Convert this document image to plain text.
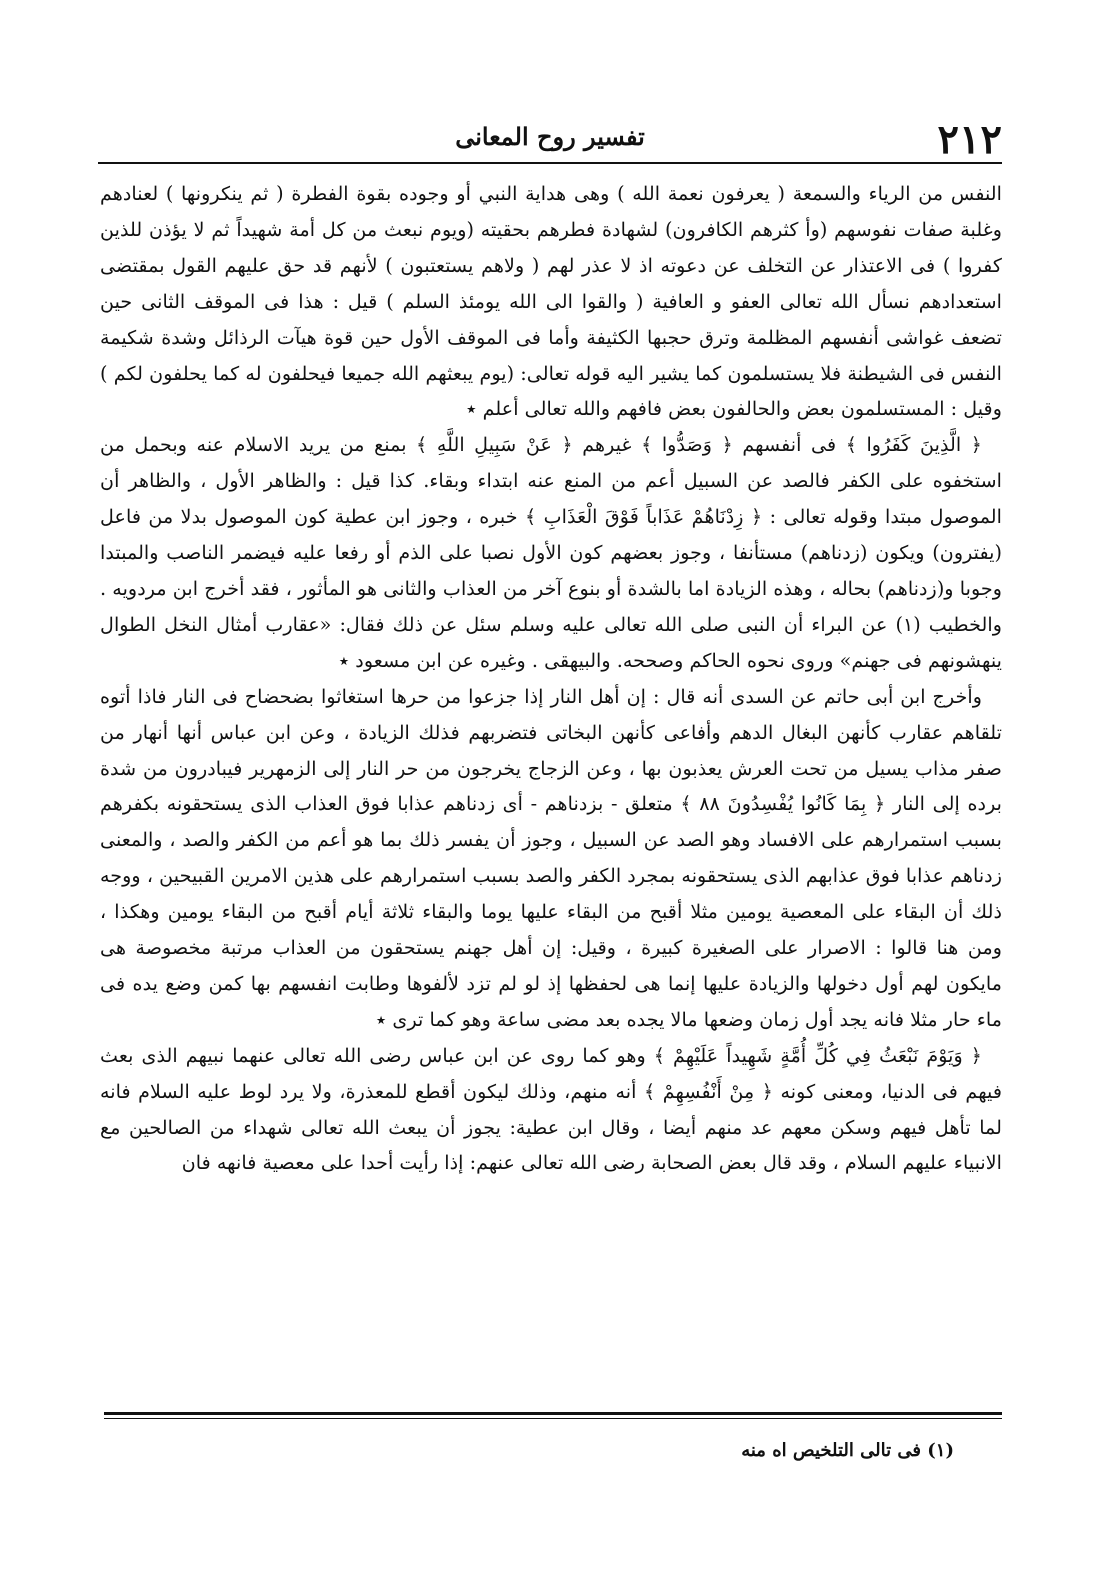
٢١٢
تفسير روح المعانى

النفس من الرياء والسمعة ( يعرفون نعمة الله ) وهى هداية النبي أو وجوده بقوة الفطرة ( ثم ينكرونها ) لعنادهم وغلبة صفات نفوسهم (وأ كثرهم الكافرون) لشهادة فطرهم بحقيته (ويوم نبعث من كل أمة شهيداً ثم لا يؤذن للذين كفروا ) فى الاعتذار عن التخلف عن دعوته اذ لا عذر لهم ( ولاهم يستعتبون ) لأنهم قد حق عليهم القول بمقتضى استعدادهم نسأل الله تعالى العفو و العافية ( والقوا الى الله يومئذ السلم ) قيل : هذا فى الموقف الثانى حين تضعف غواشى أنفسهم المظلمة وترق حجبها الكثيفة وأما فى الموقف الأول حين قوة هيآت الرذائل وشدة شكيمة النفس فى الشيطنة فلا يستسلمون كما يشير اليه قوله تعالى: (يوم يبعثهم الله جميعا فيحلفون له كما يحلفون لكم ) وقيل : المستسلمون بعض والحالفون بعض فافهم والله تعالى أعلم ٭

﴿ الَّذِينَ كَفَرُوا ﴾ فى أنفسهم ﴿ وَصَدُّوا ﴾ غيرهم ﴿ عَنْ سَبِيلِ اللَّهِ ﴾ بمنع من يريد الاسلام عنه وبحمل من استخفوه على الكفر فالصد عن السبيل أعم من المنع عنه ابتداء وبقاء. كذا قيل : والظاهر الأول ، والظاهر أن الموصول مبتدا وقوله تعالى : ﴿ زِدْنَاهُمْ عَذَاباً فَوْقَ الْعَذَابِ ﴾ خبره ، وجوز ابن عطية كون الموصول بدلا من فاعل (يفترون) ويكون (زدناهم) مستأنفا ، وجوز بعضهم كون الأول نصبا على الذم أو رفعا عليه فيضمر الناصب والمبتدا وجوبا و(زدناهم) بحاله ، وهذه الزيادة اما بالشدة أو بنوع آخر من العذاب والثانى هو المأثور ، فقد أخرج ابن مردويه . والخطيب (١) عن البراء أن النبى صلى الله تعالى عليه وسلم سئل عن ذلك فقال: «عقارب أمثال النخل الطوال ينهشونهم فى جهنم» وروى نحوه الحاكم وصححه. والبيهقى . وغيره عن ابن مسعود ٭

وأخرج ابن أبى حاتم عن السدى أنه قال : إن أهل النار إذا جزعوا من حرها استغاثوا بضحضاح فى النار فاذا أتوه تلقاهم عقارب كأنهن البغال الدهم وأفاعى كأنهن البخاتى فتضربهم فذلك الزيادة ، وعن ابن عباس أنها أنهار من صفر مذاب يسيل من تحت العرش يعذبون بها ، وعن الزجاج يخرجون من حر النار إلى الزمهرير فيبادرون من شدة برده إلى النار ﴿ بِمَا كَانُوا يُفْسِدُونَ ٨٨ ﴾ متعلق - بزدناهم - أى زدناهم عذابا فوق العذاب الذى يستحقونه بكفرهم بسبب استمرارهم على الافساد وهو الصد عن السبيل ، وجوز أن يفسر ذلك بما هو أعم من الكفر والصد ، والمعنى زدناهم عذابا فوق عذابهم الذى يستحقونه بمجرد الكفر والصد بسبب استمرارهم على هذين الامرين القبيحين ، ووجه ذلك أن البقاء على المعصية يومين مثلا أقبح من البقاء عليها يوما والبقاء ثلاثة أيام أقبح من البقاء يومين وهكذا ، ومن هنا قالوا : الاصرار على الصغيرة كبيرة ، وقيل: إن أهل جهنم يستحقون من العذاب مرتبة مخصوصة هى مايكون لهم أول دخولها والزيادة عليها إنما هى لحفظها إذ لو لم تزد لألفوها وطابت انفسهم بها كمن وضع يده فى ماء حار مثلا فانه يجد أول زمان وضعها مالا يجده بعد مضى ساعة وهو كما ترى ٭

﴿ وَيَوْمَ نَبْعَثُ فِي كُلِّ أُمَّةٍ شَهِيداً عَلَيْهِمْ ﴾ وهو كما روى عن ابن عباس رضى الله تعالى عنهما نبيهم الذى بعث فيهم فى الدنيا، ومعنى كونه ﴿ مِنْ أَنْفُسِهِمْ ﴾ أنه منهم، وذلك ليكون أقطع للمعذرة، ولا يرد لوط عليه السلام فانه لما تأهل فيهم وسكن معهم عد منهم أيضا ، وقال ابن عطية: يجوز أن يبعث الله تعالى شهداء من الصالحين مع الانبياء عليهم السلام ، وقد قال بعض الصحابة رضى الله تعالى عنهم: إذا رأيت أحدا على معصية فانهه فان

(١) فى تالى التلخيص اه منه
